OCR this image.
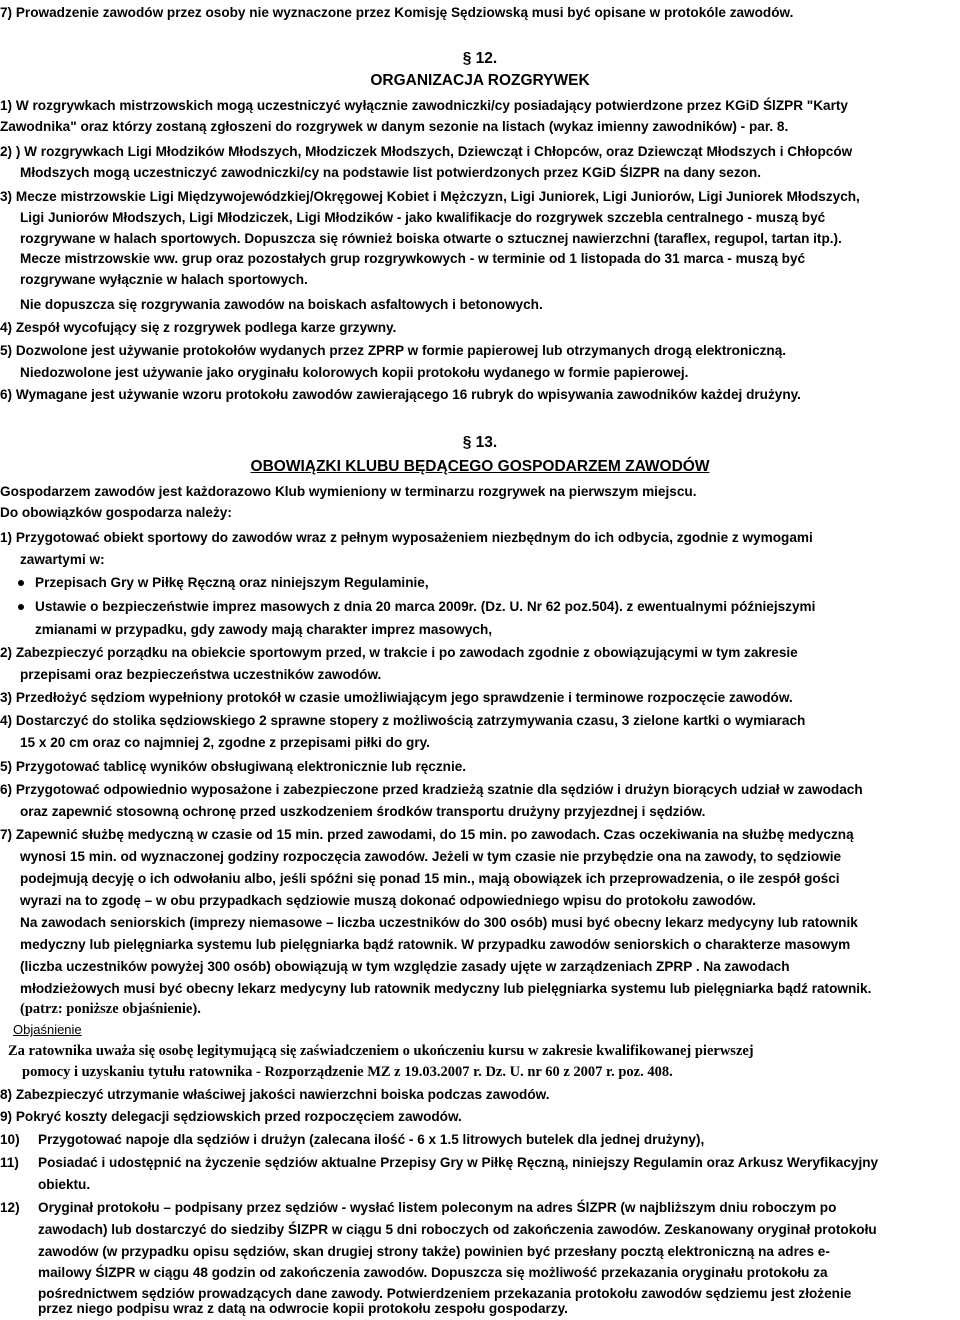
7) Prowadzenie zawodów przez osoby nie wyznaczone przez Komisję Sędziowską musi być opisane w protokóle zawodów.
§ 12.
ORGANIZACJA ROZGRYWEK
1) W rozgrywkach mistrzowskich mogą uczestniczyć wyłącznie zawodniczki/cy posiadający potwierdzone przez KGiD ŚlZPR "Karty
Zawodnika" oraz którzy zostaną zgłoszeni do rozgrywek w danym sezonie na listach (wykaz imienny zawodników) - par. 8.
2) ) W rozgrywkach Ligi Młodzików Młodszych, Młodziczek Młodszych, Dziewcząt i Chłopców, oraz Dziewcząt Młodszych i Chłopców
Młodszych mogą uczestniczyć zawodniczki/cy na podstawie list potwierdzonych przez KGiD ŚlZPR na dany sezon.
3) Mecze mistrzowskie Ligi Międzywojewódzkiej/Okręgowej Kobiet i Mężczyzn, Ligi Juniorek, Ligi Juniorów, Ligi Juniorek Młodszych,
Ligi Juniorów Młodszych, Ligi Młodziczek, Ligi Młodzików - jako kwalifikacje do rozgrywek szczebla centralnego - muszą być
rozgrywane w halach sportowych. Dopuszcza się również boiska otwarte o sztucznej nawierzchni (taraflex, regupol, tartan itp.).
Mecze mistrzowskie ww. grup oraz pozostałych grup rozgrywkowych - w terminie od 1 listopada do 31 marca - muszą być
rozgrywane wyłącznie w halach sportowych.
Nie dopuszcza się rozgrywania zawodów na boiskach asfaltowych i betonowych.
4) Zespół wycofujący się z rozgrywek podlega karze grzywny.
5) Dozwolone jest używanie protokołów wydanych przez ZPRP w formie papierowej lub otrzymanych drogą elektroniczną.
Niedozwolone jest używanie jako oryginału kolorowych kopii protokołu wydanego w formie papierowej.
6) Wymagane jest używanie wzoru protokołu zawodów zawierającego 16 rubryk do wpisywania zawodników każdej drużyny.
§ 13.
OBOWIĄZKI KLUBU BĘDĄCEGO GOSPODARZEM ZAWODÓW
Gospodarzem zawodów jest każdorazowo Klub wymieniony w terminarzu rozgrywek na pierwszym miejscu.
Do obowiązków gospodarza należy:
1) Przygotować obiekt sportowy do zawodów wraz z pełnym wyposażeniem niezbędnym do ich odbycia, zgodnie z wymogami
zawartymi w:
Przepisach Gry w Piłkę Ręczną oraz niniejszym Regulaminie,
Ustawie o bezpieczeństwie imprez masowych z dnia 20 marca 2009r. (Dz. U. Nr 62 poz.504). z ewentualnymi późniejszymi
zmianami w przypadku, gdy zawody mają charakter imprez masowych,
2) Zabezpieczyć porządku na obiekcie sportowym przed, w trakcie i po zawodach zgodnie z obowiązującymi w tym zakresie
przepisami oraz bezpieczeństwa uczestników zawodów.
3) Przedłożyć sędziom wypełniony protokół w czasie umożliwiającym jego sprawdzenie i terminowe rozpoczęcie zawodów.
4) Dostarczyć do stolika sędziowskiego 2 sprawne stopery z możliwością zatrzymywania czasu, 3 zielone kartki o wymiarach
15 x 20 cm oraz co najmniej 2, zgodne z przepisami piłki do gry.
5) Przygotować tablicę wyników obsługiwaną elektronicznie lub ręcznie.
6) Przygotować odpowiednio wyposażone i zabezpieczone przed kradzieżą szatnie dla sędziów i drużyn biorących udział w zawodach
oraz zapewnić stosowną ochronę przed uszkodzeniem środków transportu drużyny przyjezdnej i sędziów.
7) Zapewnić służbę medyczną w czasie od 15 min. przed zawodami, do 15 min. po zawodach. Czas oczekiwania na służbę medyczną
wynosi 15 min. od wyznaczonej godziny rozpoczęcia zawodów. Jeżeli w tym czasie nie przybędzie ona na zawody, to sędziowie
podejmują decyję o ich odwołaniu albo, jeśli spóźni się ponad 15 min., mają obowiązek ich przeprowadzenia, o ile zespół gości
wyrazi na to zgodę – w obu przypadkach sędziowie muszą dokonać odpowiedniego wpisu do protokołu zawodów.
Na zawodach seniorskich (imprezy niemasowe – liczba uczestników do 300 osób) musi być obecny lekarz medycyny lub ratownik
medyczny lub pielęgniarka systemu lub pielęgniarka bądź ratownik. W przypadku zawodów seniorskich o charakterze masowym
(liczba uczestników powyżej 300 osób) obowiązują w tym względzie zasady ujęte w zarządzeniach ZPRP . Na zawodach
młodzieżowych musi być obecny lekarz medycyny lub ratownik medyczny lub pielęgniarka systemu lub pielęgniarka bądź ratownik.
(patrz: poniższe objaśnienie).
Objaśnienie
Za ratownika uważa się osobę legitymującą się zaświadczeniem o ukończeniu kursu w zakresie kwalifikowanej pierwszej
pomocy i uzyskaniu tytułu ratownika - Rozporządzenie MZ z 19.03.2007 r. Dz. U. nr 60 z 2007 r. poz. 408.
8) Zabezpieczyć utrzymanie właściwej jakości nawierzchni boiska podczas zawodów.
9) Pokryć koszty delegacji sędziowskich przed rozpoczęciem zawodów.
10) Przygotować napoje dla sędziów i drużyn (zalecana ilość - 6 x 1.5 litrowych butelek dla jednej drużyny),
11) Posiadać i udostępnić na życzenie sędziów aktualne Przepisy Gry w Piłkę Ręczną, niniejszy Regulamin oraz Arkusz Weryfikacyjny
obiektu.
12) Oryginał protokołu – podpisany przez sędziów - wysłać listem poleconym na adres ŚlZPR (w najbliższym dniu roboczym po
zawodach) lub dostarczyć do siedziby ŚlZPR w ciągu 5 dni roboczych od zakończenia zawodów. Zeskanowany oryginał protokołu
zawodów (w przypadku opisu sędziów, skan drugiej strony także) powinien być przesłany pocztą elektroniczną na adres e-
mailowy ŚlZPR w ciągu 48 godzin od zakończenia zawodów. Dopuszcza się możliwość przekazania oryginału protokołu za
pośrednictwem sędziów prowadzących dane zawody. Potwierdzeniem przekazania protokołu zawodów sędziemu jest złożenie
przez niego podpisu wraz z datą na odwrocie kopii protokołu zespołu gospodarzy.
